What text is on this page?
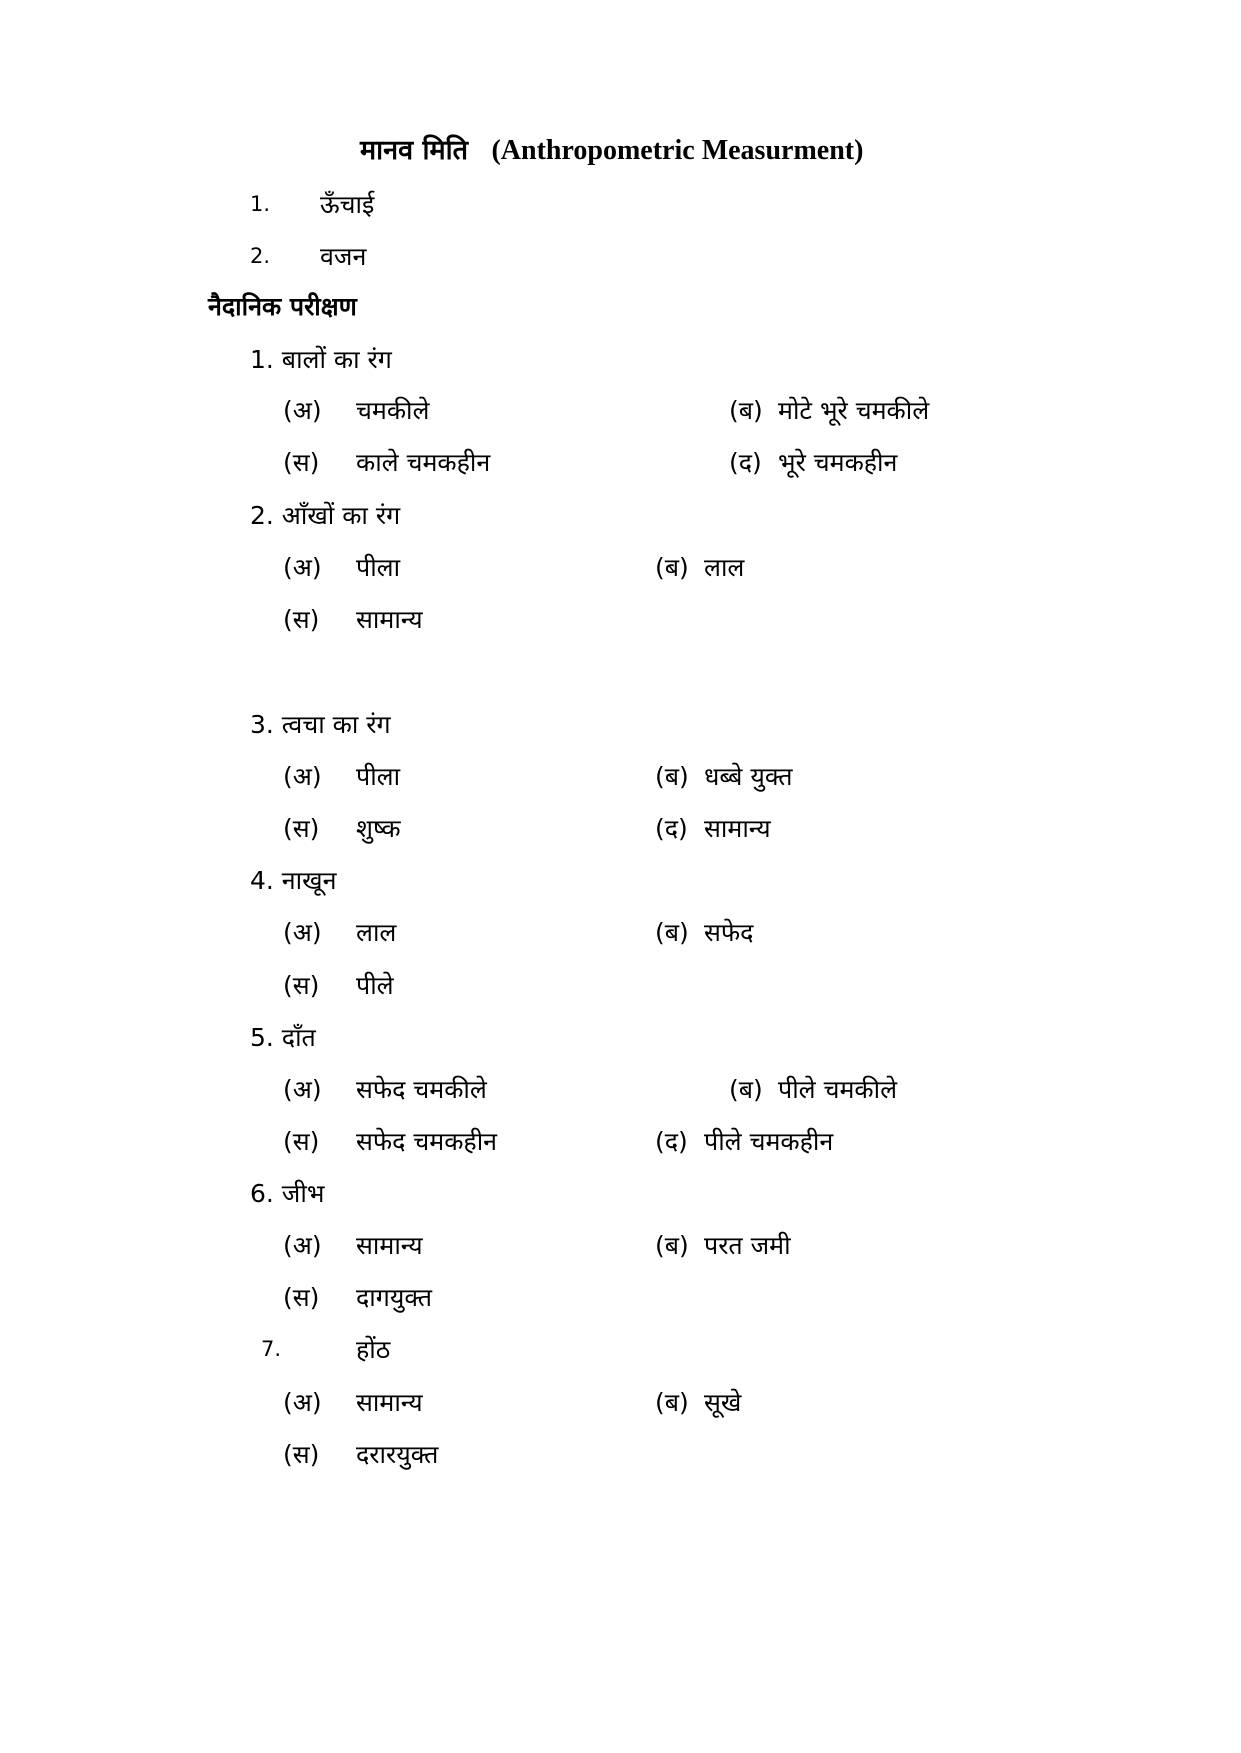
मानव मिति (Anthropometric Measurment)
1. ऊँचाई
2. वजन
नैदानिक परीक्षण
1. बालों का रंग
(अ) चमकीले	(ब) मोटे भूरे चमकीले
(स) काले चमकहीन	(द) भूरे चमकहीन
2. आँखों का रंग
(अ) पीला	(ब) लाल
(स) सामान्य
3. त्वचा का रंग
(अ) पीला	(ब) धब्बे युक्त
(स) शुष्क	(द) सामान्य
4. नाखून
(अ) लाल	(ब) सफेद
(स) पीले
5. दाँत
(अ) सफेद चमकीले	(ब) पीले चमकीले
(स) सफेद चमकहीन	(द) पीले चमकहीन
6. जीभ
(अ) सामान्य	(ब) परत जमी
(स) दागयुक्त
7.	होंठ
(अ) सामान्य	(ब) सूखे
(स) दरारयुक्त
